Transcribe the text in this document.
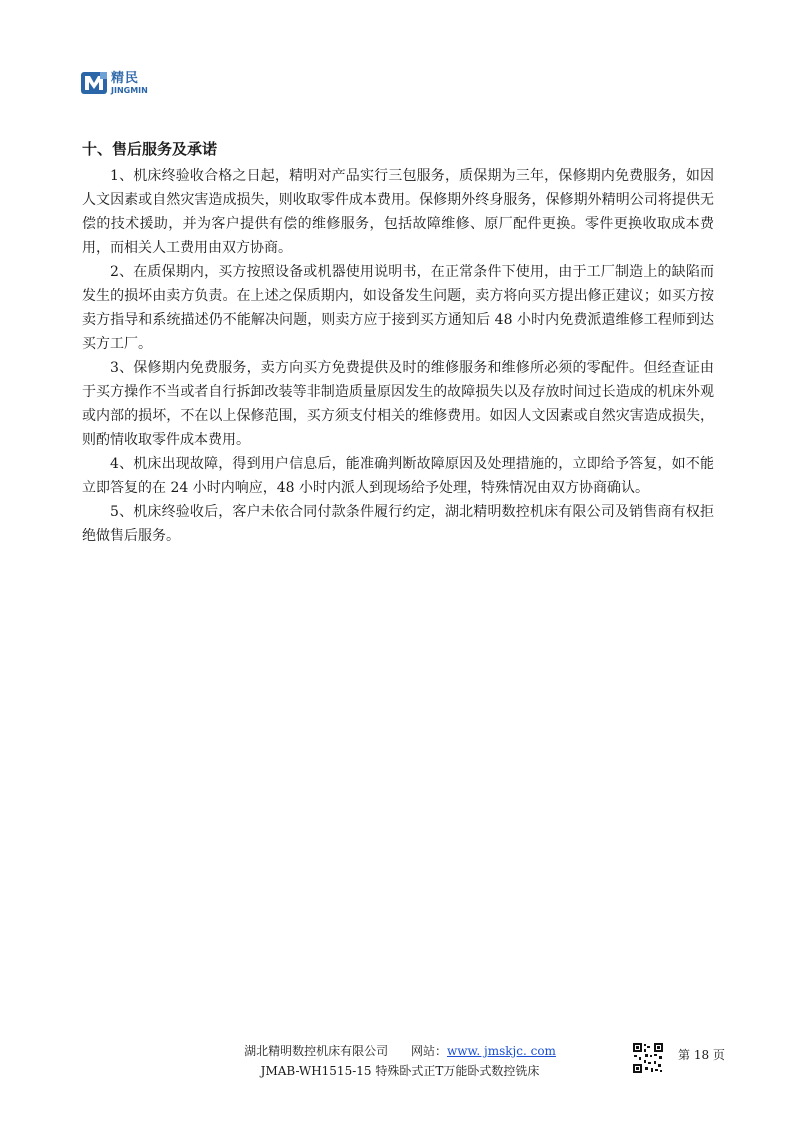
精民
JINGMIN
十、售后服务及承诺

1、机床终验收合格之日起，精明对产品实行三包服务，质保期为三年，保修期内免费服务，如因人文因素或自然灾害造成损失，则收取零件成本费用。保修期外终身服务，保修期外精明公司将提供无偿的技术援助，并为客户提供有偿的维修服务，包括故障维修、原厂配件更换。零件更换收取成本费用，而相关人工费用由双方协商。

2、在质保期内，买方按照设备或机器使用说明书，在正常条件下使用，由于工厂制造上的缺陷而发生的损坏由卖方负责。在上述之保质期内，如设备发生问题，卖方将向买方提出修正建议；如买方按卖方指导和系统描述仍不能解决问题，则卖方应于接到买方通知后 48 小时内免费派遣维修工程师到达买方工厂。

3、保修期内免费服务，卖方向买方免费提供及时的维修服务和维修所必须的零配件。但经查证由于买方操作不当或者自行拆卸改装等非制造质量原因发生的故障损失以及存放时间过长造成的机床外观或内部的损坏，不在以上保修范围，买方须支付相关的维修费用。如因人文因素或自然灾害造成损失，则酌情收取零件成本费用。

4、机床出现故障，得到用户信息后，能准确判断故障原因及处理措施的，立即给予答复，如不能立即答复的在 24 小时内响应，48 小时内派人到现场给予处理，特殊情况由双方协商确认。

5、机床终验收后，客户未依合同付款条件履行约定，湖北精明数控机床有限公司及销售商有权拒绝做售后服务。

湖北精明数控机床有限公司 网站：www. jmskjc. com
JMAB-WH1515-15 特殊卧式正T万能卧式数控铣床
第 18 页
